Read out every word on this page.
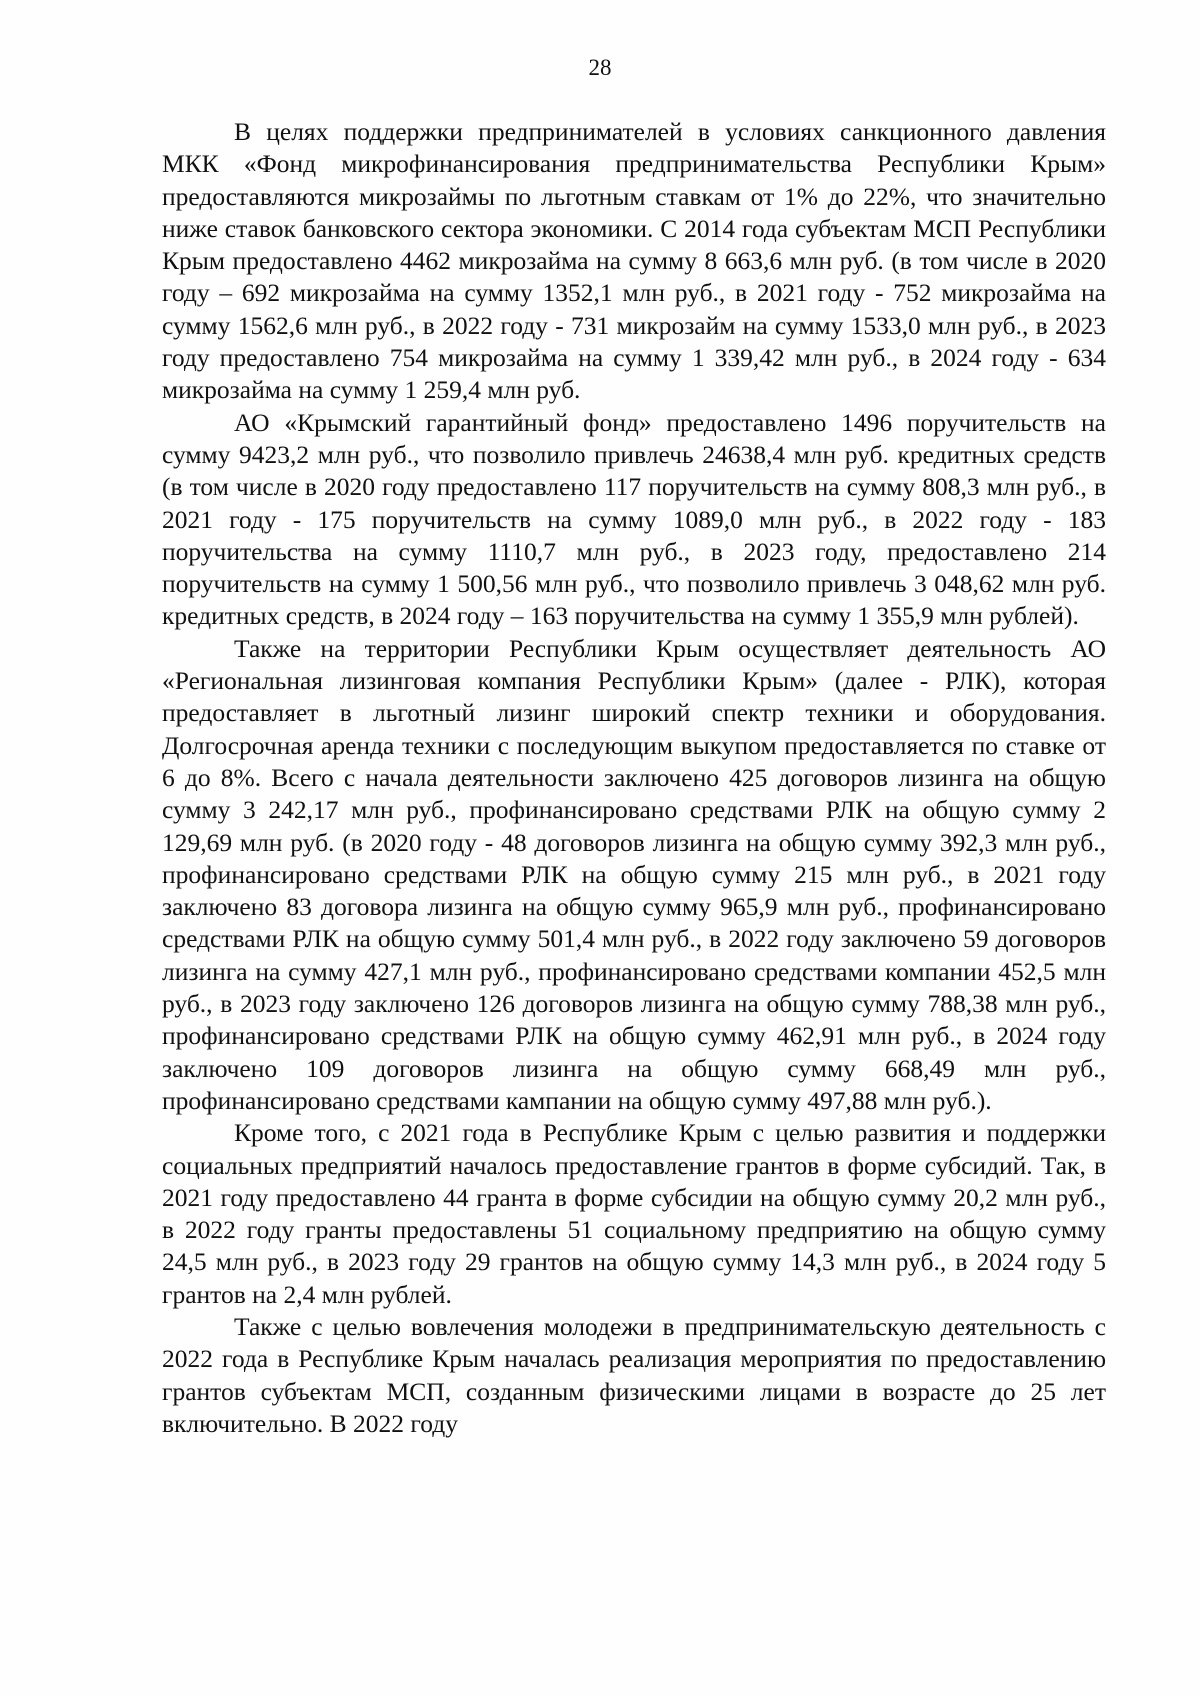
28

В целях поддержки предпринимателей в условиях санкционного давления МКК «Фонд микрофинансирования предпринимательства Республики Крым» предоставляются микрозаймы по льготным ставкам от 1% до 22%, что значительно ниже ставок банковского сектора экономики. С 2014 года субъектам МСП Республики Крым предоставлено 4462 микрозайма на сумму 8 663,6 млн руб. (в том числе в 2020 году – 692 микрозайма на сумму 1352,1 млн руб., в 2021 году - 752 микрозайма на сумму 1562,6 млн руб., в 2022 году - 731 микрозайм на сумму 1533,0 млн руб., в 2023 году предоставлено 754 микрозайма на сумму 1 339,42 млн руб., в 2024 году - 634 микрозайма на сумму 1 259,4 млн руб.

АО «Крымский гарантийный фонд» предоставлено 1496 поручительств на сумму 9423,2 млн руб., что позволило привлечь 24638,4 млн руб. кредитных средств (в том числе в 2020 году предоставлено 117 поручительств на сумму 808,3 млн руб., в 2021 году - 175 поручительств на сумму 1089,0 млн руб., в 2022 году - 183 поручительства на сумму 1110,7 млн руб., в 2023 году, предоставлено 214 поручительств на сумму 1 500,56 млн руб., что позволило привлечь 3 048,62 млн руб. кредитных средств, в 2024 году – 163 поручительства на сумму 1 355,9 млн рублей).

Также на территории Республики Крым осуществляет деятельность АО «Региональная лизинговая компания Республики Крым» (далее - РЛК), которая предоставляет в льготный лизинг широкий спектр техники и оборудования. Долгосрочная аренда техники с последующим выкупом предоставляется по ставке от 6 до 8%. Всего с начала деятельности заключено 425 договоров лизинга на общую сумму 3 242,17 млн руб., профинансировано средствами РЛК на общую сумму 2 129,69 млн руб. (в 2020 году - 48 договоров лизинга на общую сумму 392,3 млн руб., профинансировано средствами РЛК на общую сумму 215 млн руб., в 2021 году заключено 83 договора лизинга на общую сумму 965,9 млн руб., профинансировано средствами РЛК на общую сумму 501,4 млн руб., в 2022 году заключено 59 договоров лизинга на сумму 427,1 млн руб., профинансировано средствами компании 452,5 млн руб., в 2023 году заключено 126 договоров лизинга на общую сумму 788,38 млн руб., профинансировано средствами РЛК на общую сумму 462,91 млн руб., в 2024 году заключено 109 договоров лизинга на общую сумму 668,49 млн руб., профинансировано средствами кампании на общую сумму 497,88 млн руб.).

Кроме того, с 2021 года в Республике Крым с целью развития и поддержки социальных предприятий началось предоставление грантов в форме субсидий. Так, в 2021 году предоставлено 44 гранта в форме субсидии на общую сумму 20,2 млн руб., в 2022 году гранты предоставлены 51 социальному предприятию на общую сумму 24,5 млн руб., в 2023 году 29 грантов на общую сумму 14,3 млн руб., в 2024 году 5 грантов на 2,4 млн рублей.

Также с целью вовлечения молодежи в предпринимательскую деятельность с 2022 года в Республике Крым началась реализация мероприятия по предоставлению грантов субъектам МСП, созданным физическими лицами в возрасте до 25 лет включительно. В 2022 году
